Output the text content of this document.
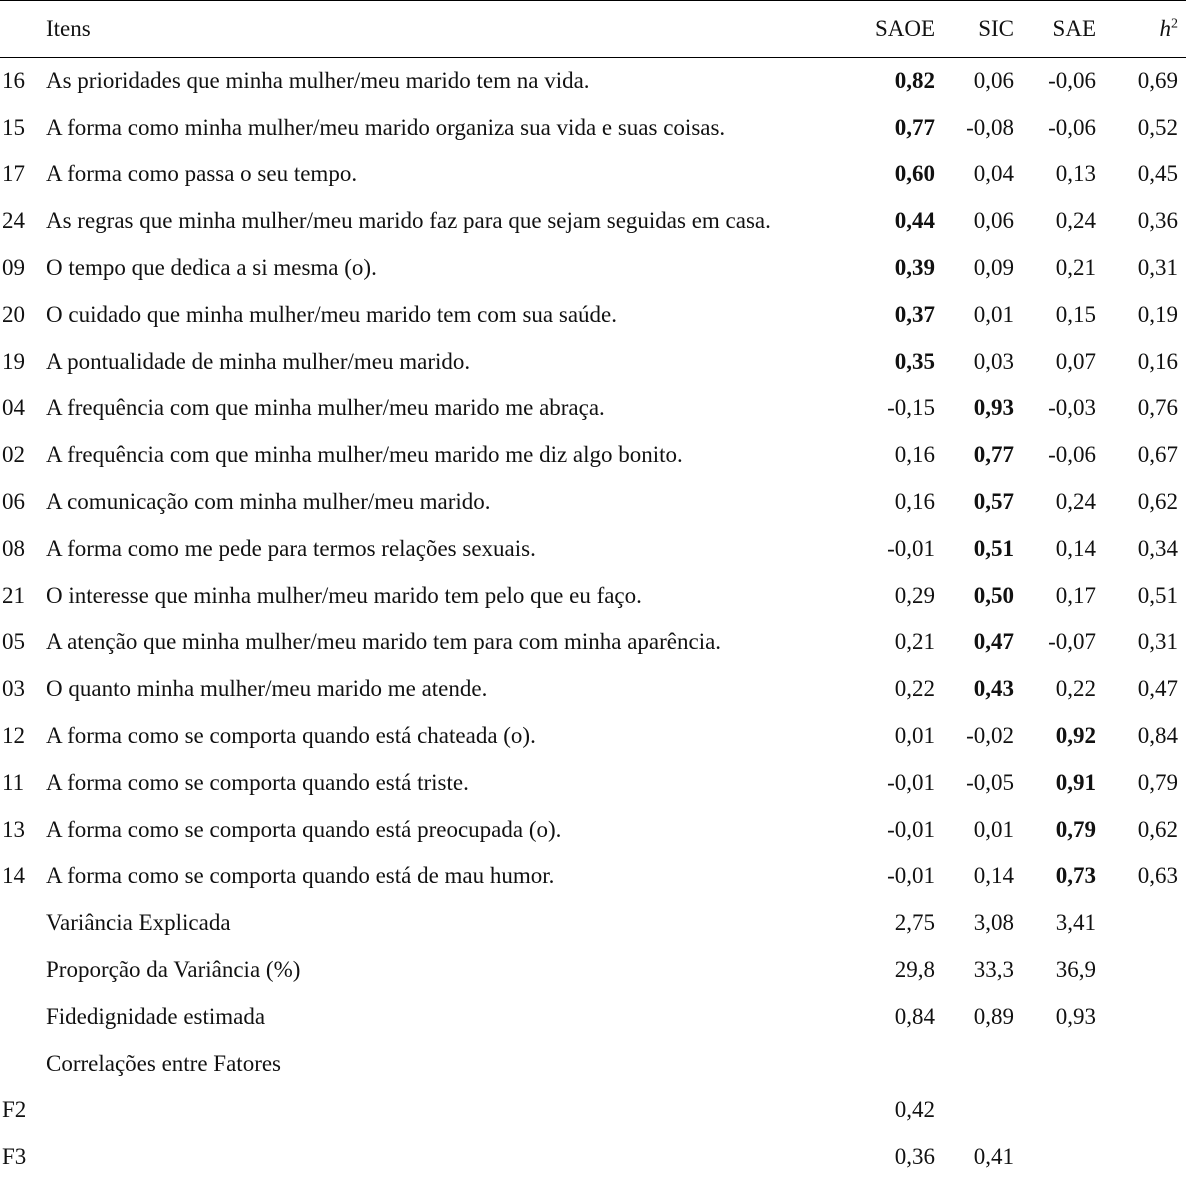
	Itens	SAOE	SIC	SAE	$h^2$
16	As prioridades que minha mulher/meu marido tem na vida.	0,82	0,06	-0,06	0,69
15	A forma como minha mulher/meu marido organiza sua vida e suas coisas.	0,77	-0,08	-0,06	0,52
17	A forma como passa o seu tempo.	0,60	0,04	0,13	0,45
24	As regras que minha mulher/meu marido faz para que sejam seguidas em casa.	0,44	0,06	0,24	0,36
09	O tempo que dedica a si mesma (o).	0,39	0,09	0,21	0,31
20	O cuidado que minha mulher/meu marido tem com sua saúde.	0,37	0,01	0,15	0,19
19	A pontualidade de minha mulher/meu marido.	0,35	0,03	0,07	0,16
04	A frequência com que minha mulher/meu marido me abraça.	-0,15	0,93	-0,03	0,76
02	A frequência com que minha mulher/meu marido me diz algo bonito.	0,16	0,77	-0,06	0,67
06	A comunicação com minha mulher/meu marido.	0,16	0,57	0,24	0,62
08	A forma como me pede para termos relações sexuais.	-0,01	0,51	0,14	0,34
21	O interesse que minha mulher/meu marido tem pelo que eu faço.	0,29	0,50	0,17	0,51
05	A atenção que minha mulher/meu marido tem para com minha aparência.	0,21	0,47	-0,07	0,31
03	O quanto minha mulher/meu marido me atende.	0,22	0,43	0,22	0,47
12	A forma como se comporta quando está chateada (o).	0,01	-0,02	0,92	0,84
11	A forma como se comporta quando está triste.	-0,01	-0,05	0,91	0,79
13	A forma como se comporta quando está preocupada (o).	-0,01	0,01	0,79	0,62
14	A forma como se comporta quando está de mau humor.	-0,01	0,14	0,73	0,63
	Variância Explicada	2,75	3,08	3,41	
	Proporção da Variância (%)	29,8	33,3	36,9	
	Fidedignidade estimada	0,84	0,89	0,93	
	Correlações entre Fatores				
F2		0,42			
F3		0,36	0,41		
